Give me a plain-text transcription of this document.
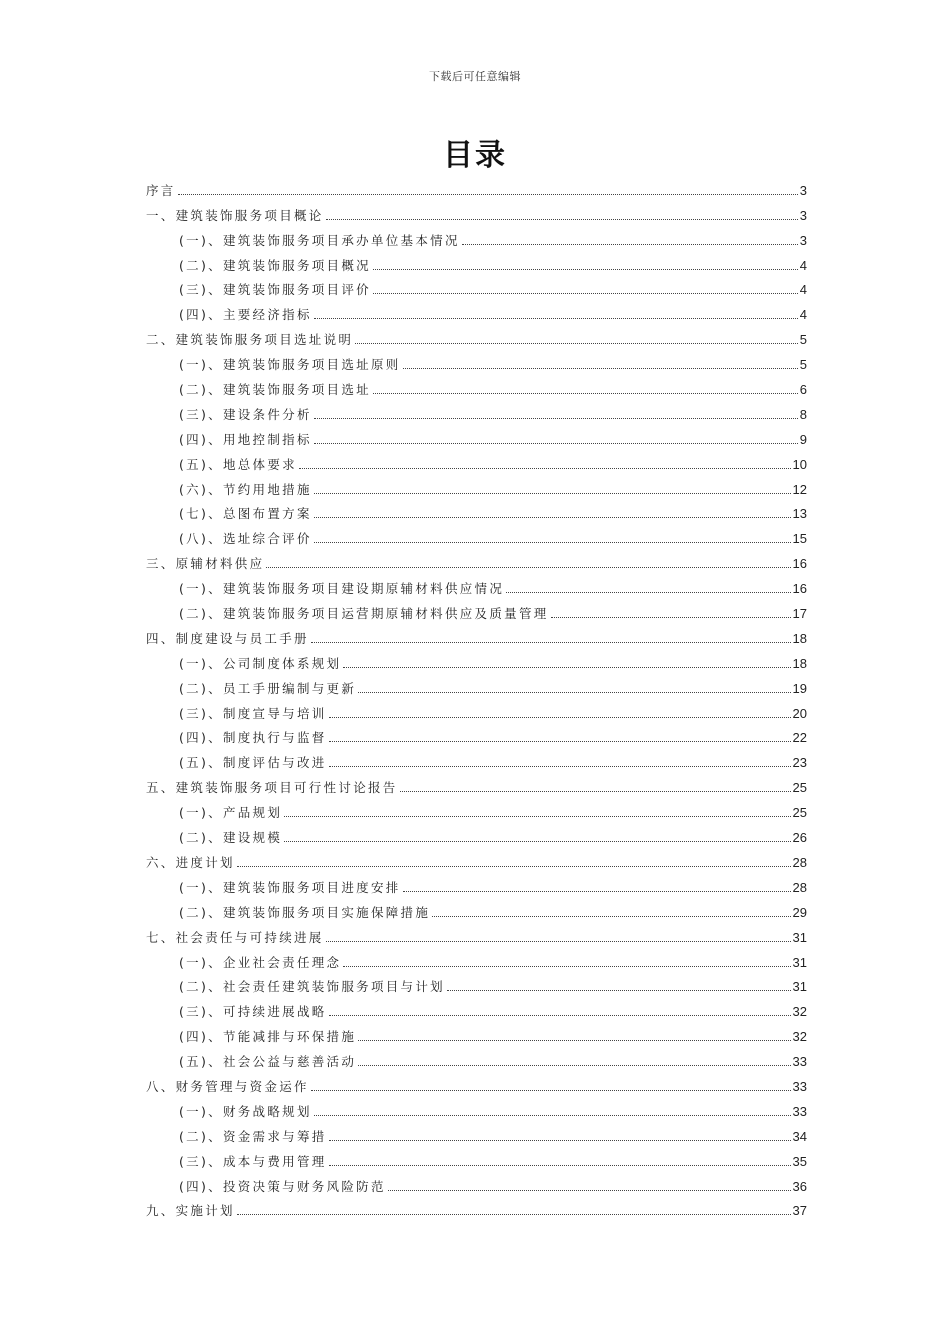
下载后可任意编辑
目录
序言	3
一、建筑装饰服务项目概论	3
(一)、建筑装饰服务项目承办单位基本情况	3
(二)、建筑装饰服务项目概况	4
(三)、建筑装饰服务项目评价	4
(四)、主要经济指标	4
二、建筑装饰服务项目选址说明	5
(一)、建筑装饰服务项目选址原则	5
(二)、建筑装饰服务项目选址	6
(三)、建设条件分析	8
(四)、用地控制指标	9
(五)、地总体要求	10
(六)、节约用地措施	12
(七)、总图布置方案	13
(八)、选址综合评价	15
三、原辅材料供应	16
(一)、建筑装饰服务项目建设期原辅材料供应情况	16
(二)、建筑装饰服务项目运营期原辅材料供应及质量管理	17
四、制度建设与员工手册	18
(一)、公司制度体系规划	18
(二)、员工手册编制与更新	19
(三)、制度宣导与培训	20
(四)、制度执行与监督	22
(五)、制度评估与改进	23
五、建筑装饰服务项目可行性讨论报告	25
(一)、产品规划	25
(二)、建设规模	26
六、进度计划	28
(一)、建筑装饰服务项目进度安排	28
(二)、建筑装饰服务项目实施保障措施	29
七、社会责任与可持续进展	31
(一)、企业社会责任理念	31
(二)、社会责任建筑装饰服务项目与计划	31
(三)、可持续进展战略	32
(四)、节能减排与环保措施	32
(五)、社会公益与慈善活动	33
八、财务管理与资金运作	33
(一)、财务战略规划	33
(二)、资金需求与筹措	34
(三)、成本与费用管理	35
(四)、投资决策与财务风险防范	36
九、实施计划	37
